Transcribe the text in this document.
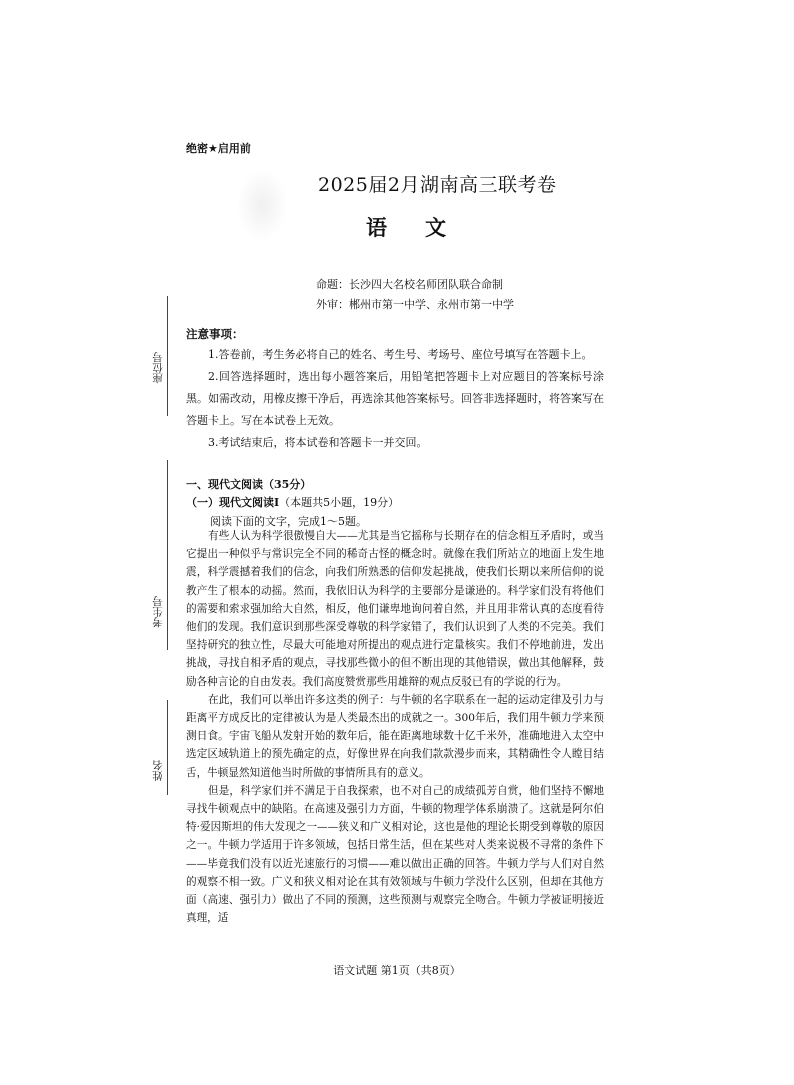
座位号
考生号
姓名
绝密★启用前
2025届2月湖南高三联考卷
语 文
命题：长沙四大名校名师团队联合命制
外审：郴州市第一中学、永州市第一中学
注意事项：

1.答卷前，考生务必将自己的姓名、考生号、考场号、座位号填写在答题卡上。

2.回答选择题时，选出每小题答案后，用铅笔把答题卡上对应题目的答案标号涂黑。如需改动，用橡皮擦干净后，再选涂其他答案标号。回答非选择题时，将答案写在答题卡上。写在本试卷上无效。

3.考试结束后，将本试卷和答题卡一并交回。

一、现代文阅读（35分）
（一）现代文阅读Ⅰ（本题共5小题，19分）
阅读下面的文字，完成1～5题。

有些人认为科学很傲慢自大——尤其是当它摇称与长期存在的信念相互矛盾时，或当它提出一种似乎与常识完全不同的稀奇古怪的概念时。就像在我们所站立的地面上发生地震，科学震撼着我们的信念，向我们所熟悉的信仰发起挑战，使我们长期以来所信仰的说教产生了根本的动摇。然而，我依旧认为科学的主要部分是谦逊的。科学家们没有将他们的需要和索求强加给大自然，相反，他们谦卑地询问着自然，并且用非常认真的态度看待他们的发现。我们意识到那些深受尊敬的科学家错了，我们认识到了人类的不完美。我们坚持研究的独立性，尽最大可能地对所提出的观点进行定量核实。我们不停地前进，发出挑战，寻找自相矛盾的观点，寻找那些微小的但不断出现的其他错误，做出其他解释，鼓励各种言论的自由发表。我们高度赞赏那些用雄辩的观点反驳已有的学说的行为。

在此，我们可以举出许多这类的例子：与牛顿的名字联系在一起的运动定律及引力与距离平方成反比的定律被认为是人类最杰出的成就之一。300年后，我们用牛顿力学来预测日食。宇宙飞船从发射开始的数年后，能在距离地球数十亿千米外，准确地进入太空中选定区域轨道上的预先确定的点，好像世界在向我们款款漫步而来，其精确性令人瞠目结舌，牛顿显然知道他当时所做的事情所具有的意义。

但是，科学家们并不满足于自我探索，也不对自己的成绩孤芳自赏，他们坚持不懈地寻找牛顿观点中的缺陷。在高速及强引力方面，牛顿的物理学体系崩溃了。这就是阿尔伯特·爱因斯坦的伟大发现之一——狭义和广义相对论，这也是他的理论长期受到尊敬的原因之一。牛顿力学适用于许多领域，包括日常生活，但在某些对人类来说极不寻常的条件下——毕竟我们没有以近光速旅行的习惯——难以做出正确的回答。牛顿力学与人们对自然的观察不相一致。广义和狭义相对论在其有效领域与牛顿力学没什么区别，但却在其他方面（高速、强引力）做出了不同的预测，这些预测与观察完全吻合。牛顿力学被证明接近真理，适

语文试题 第1页（共8页）
